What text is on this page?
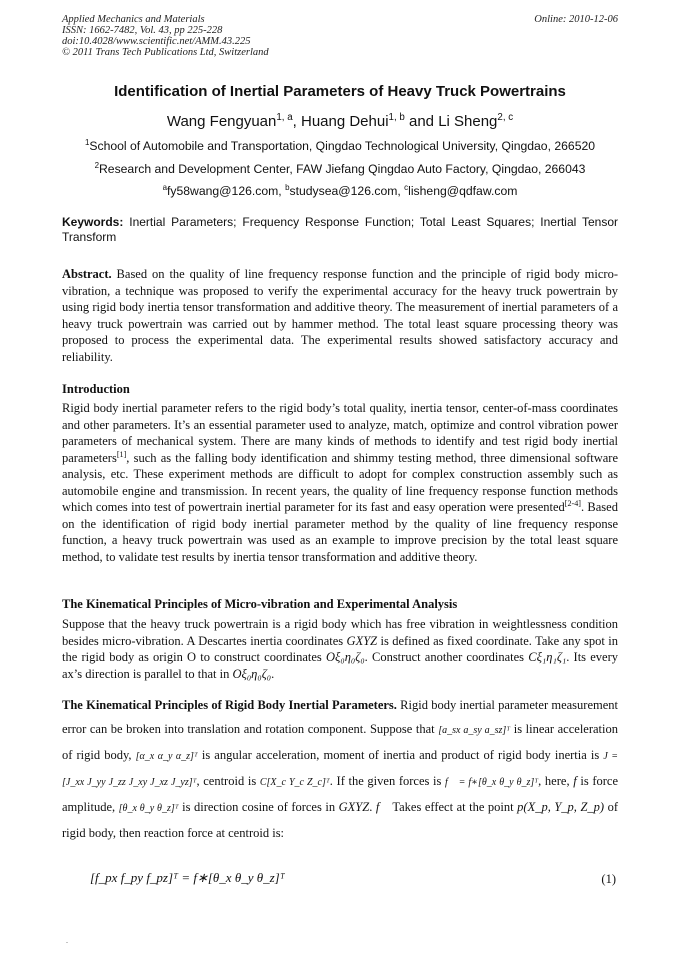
Applied Mechanics and Materials
ISSN: 1662-7482, Vol. 43, pp 225-228
doi:10.4028/www.scientific.net/AMM.43.225
© 2011 Trans Tech Publications Ltd, Switzerland
Online: 2010-12-06
Identification of Inertial Parameters of Heavy Truck Powertrains
Wang Fengyuan$^{1, a}$, Huang Dehui$^{1, b}$ and Li Sheng$^{2, c}$
$^1$School of Automobile and Transportation, Qingdao Technological University, Qingdao, 266520
$^2$Research and Development Center, FAW Jiefang Qingdao Auto Factory, Qingdao, 266043
$^a$fy58wang@126.com, $^b$studysea@126.com, $^c$lisheng@qdfaw.com
Keywords: Inertial Parameters; Frequency Response Function; Total Least Squares; Inertial Tensor Transform
Abstract. Based on the quality of line frequency response function and the principle of rigid body micro-vibration, a technique was proposed to verify the experimental accuracy for the heavy truck powertrain by using rigid body inertia tensor transformation and additive theory. The measurement of inertial parameters of a heavy truck powertrain was carried out by hammer method. The total least square processing theory was proposed to process the experimental data. The experimental results showed satisfactory accuracy and reliability.
Introduction
Rigid body inertial parameter refers to the rigid body’s total quality, inertia tensor, center-of-mass coordinates and other parameters. It’s an essential parameter used to analyze, match, optimize and control vibration power parameters of mechanical system. There are many kinds of methods to identify and test rigid body inertial parameters[1], such as the falling body identification and shimmy testing method, three dimensional software analysis, etc. These experiment methods are difficult to adopt for complex construction assembly such as automobile engine and transmission. In recent years, the quality of line frequency response function methods which comes into test of powertrain inertial parameter for its fast and easy operation were presented[2-4]. Based on the identification of rigid body inertial parameter method by the quality of line frequency response function, a heavy truck powertrain was used as an example to improve precision by the total least square method, to validate test results by inertia tensor transformation and additive theory.
The Kinematical Principles of Micro-vibration and Experimental Analysis
Suppose that the heavy truck powertrain is a rigid body which has free vibration in weightlessness condition besides micro-vibration. A Descartes inertia coordinates GXYZ is defined as fixed coordinate. Take any spot in the rigid body as origin O to construct coordinates Oξ₀η₀ζ₀. Construct another coordinates Cξ₁η₁ζ₁. Its every ax’s direction is parallel to that in Oξ₀η₀ζ₀.
The Kinematical Principles of Rigid Body Inertial Parameters. Rigid body inertial parameter measurement error can be broken into translation and rotation component. Suppose that [a_sx a_sy a_sz]ᵀ is linear acceleration of rigid body, [α_x α_y α_z]ᵀ is angular acceleration, moment of inertia and product of rigid body inertia is J = [J_xx J_yy J_zz J_xy J_xz J_yz]ᵀ, centroid is C[X_c Y_c Z_c]ᵀ. If the given forces is f⃗ = f∗[θ_x θ_y θ_z]ᵀ, here, f is force amplitude, [θ_x θ_y θ_z]ᵀ is direction cosine of forces in GXYZ. f⃗ Takes effect at the point p(X_p, Y_p, Z_p) of rigid body, then reaction force at centroid is:
[f_px f_py f_pz]ᵀ = f∗[θ_x θ_y θ_z]ᵀ	(1)
.
